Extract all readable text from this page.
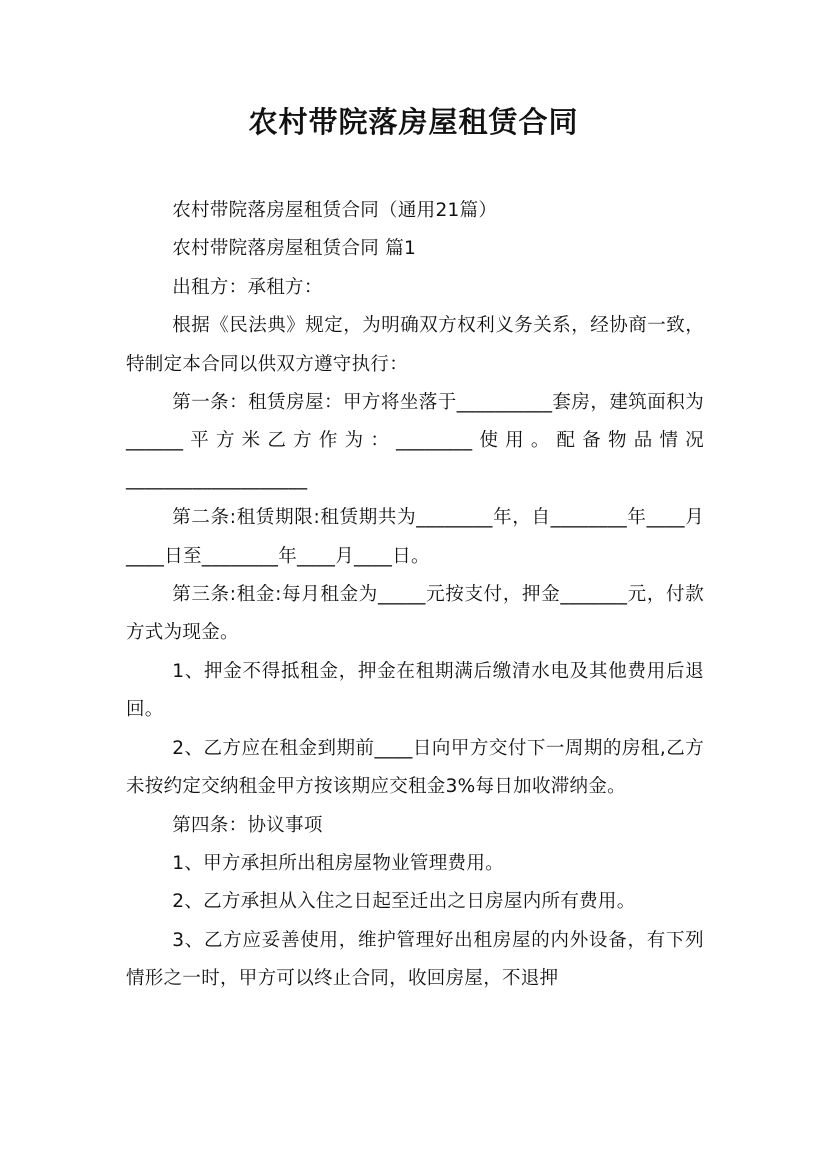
农村带院落房屋租赁合同

农村带院落房屋租赁合同（通用21篇）

农村带院落房屋租赁合同 篇1

出租方：承租方：

根据《民法典》规定，为明确双方权利义务关系，经协商一致，特制定本合同以供双方遵守执行：

第一条：租赁房屋：甲方将坐落于__________套房，建筑面积为______平方米乙方作为：________使用。配备物品情况___________________

第二条:租赁期限:租赁期共为________年，自________年____月____日至________年____月____日。

第三条:租金:每月租金为_____元按支付，押金_______元，付款方式为现金。

1、押金不得抵租金，押金在租期满后缴清水电及其他费用后退回。

2、乙方应在租金到期前____日向甲方交付下一周期的房租,乙方未按约定交纳租金甲方按该期应交租金3%每日加收滞纳金。

第四条：协议事项

1、甲方承担所出租房屋物业管理费用。

2、乙方承担从入住之日起至迁出之日房屋内所有费用。

3、乙方应妥善使用，维护管理好出租房屋的内外设备，有下列情形之一时，甲方可以终止合同，收回房屋，不退押
